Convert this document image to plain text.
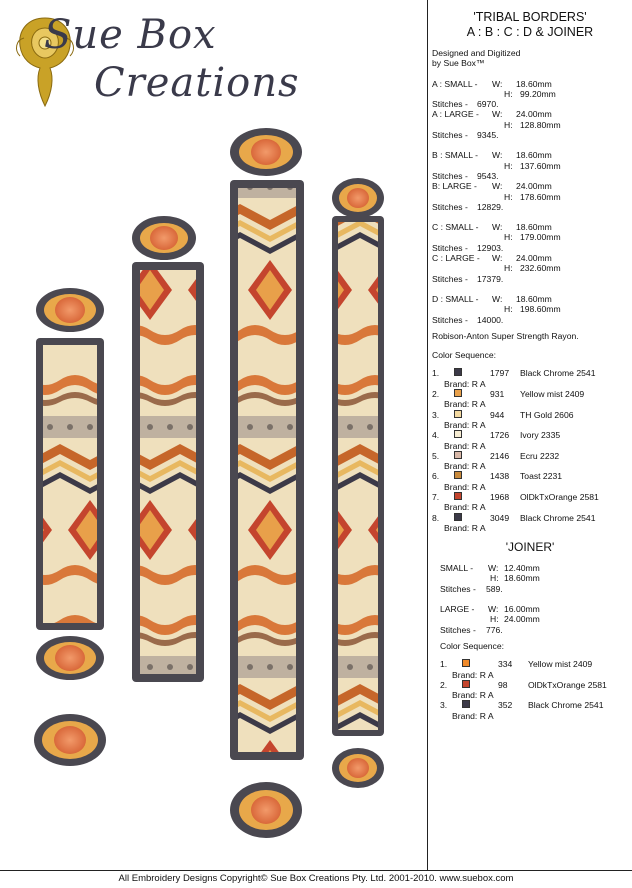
Sue Box
Creations
'TRIBAL BORDERS'
A : B : C : D & JOINER
Designed and Digitized
by Sue Box™
A : SMALL - W: 18.60mm
H: 99.20mm
Stitches - 6970.
A : LARGE - W: 24.00mm
H: 128.80mm
Stitches - 9345.
B : SMALL - W: 18.60mm
H: 137.60mm
Stitches - 9543.
B: LARGE - W: 24.00mm
H: 178.60mm
Stitches - 12829.
C : SMALL - W: 18.60mm
H: 179.00mm
Stitches - 12903.
C : LARGE - W: 24.00mm
H: 232.60mm
Stitches - 17379.
D : SMALL - W: 18.60mm
H: 198.60mm
Stitches - 14000.
Robison-Anton Super Strength Rayon.
Color Sequence:
1.	1797 Black Chrome 2541
Brand: R A
2.	931 Yellow mist 2409
Brand: R A
3.	944 TH Gold 2606
Brand: R A
4.	1726 Ivory 2335
Brand: R A
5.	2146 Ecru 2232
Brand: R A
6.	1438 Toast 2231
Brand: R A
7.	1968 OlDkTxOrange 2581
Brand: R A
8.	3049 Black Chrome 2541
Brand: R A
'JOINER'
SMALL - W: 12.40mm
H: 18.60mm
Stitches - 589.
LARGE - W: 16.00mm
H: 24.00mm
Stitches - 776.
Color Sequence:
1.	334 Yellow mist 2409
Brand: R A
2.	98 OlDkTxOrange 2581
Brand: R A
3.	352 Black Chrome 2541
Brand: R A
All Embroidery Designs Copyright© Sue Box Creations Pty. Ltd. 2001-2010. www.suebox.com
